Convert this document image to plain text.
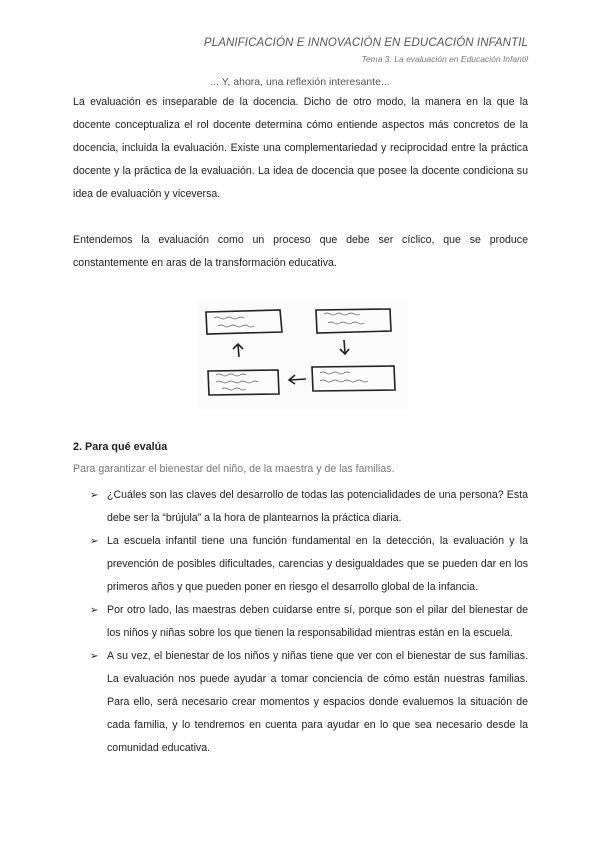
PLANIFICACIÓN E INNOVACIÓN EN EDUCACIÓN INFANTIL
Tema 3. La evaluación en Educación Infantil
... Y, ahora, una reflexión interesante...
La evaluación es inseparable de la docencia. Dicho de otro modo, la manera en la que la docente conceptualiza el rol docente determina cómo entiende aspectos más concretos de la docencia, incluida la evaluación. Existe una complementariedad y reciprocidad entre la práctica docente y la práctica de la evaluación. La idea de docencia que posee la docente condiciona su idea de evaluación y viceversa.
Entendemos la evaluación como un proceso que debe ser cíclico, que se produce constantemente en aras de la transformación educativa.
2. Para qué evalúa
Para garantizar el bienestar del niño, de la maestra y de las familias.
➢ ¿Cuáles son las claves del desarrollo de todas las potencialidades de una persona? Esta debe ser la “brújula” a la hora de plantearnos la práctica diaria.
➢ La escuela infantil tiene una función fundamental en la detección, la evaluación y la prevención de posibles dificultades, carencias y desigualdades que se pueden dar en los primeros años y que pueden poner en riesgo el desarrollo global de la infancia.
➢ Por otro lado, las maestras deben cuidarse entre sí, porque son el pilar del bienestar de los niños y niñas sobre los que tienen la responsabilidad mientras están en la escuela.
➢ A su vez, el bienestar de los niños y niñas tiene que ver con el bienestar de sus familias. La evaluación nos puede ayudar a tomar conciencia de cómo están nuestras familias. Para ello, será necesario crear momentos y espacios donde evaluemos la situación de cada familia, y lo tendremos en cuenta para ayudar en lo que sea necesario desde la comunidad educativa.
